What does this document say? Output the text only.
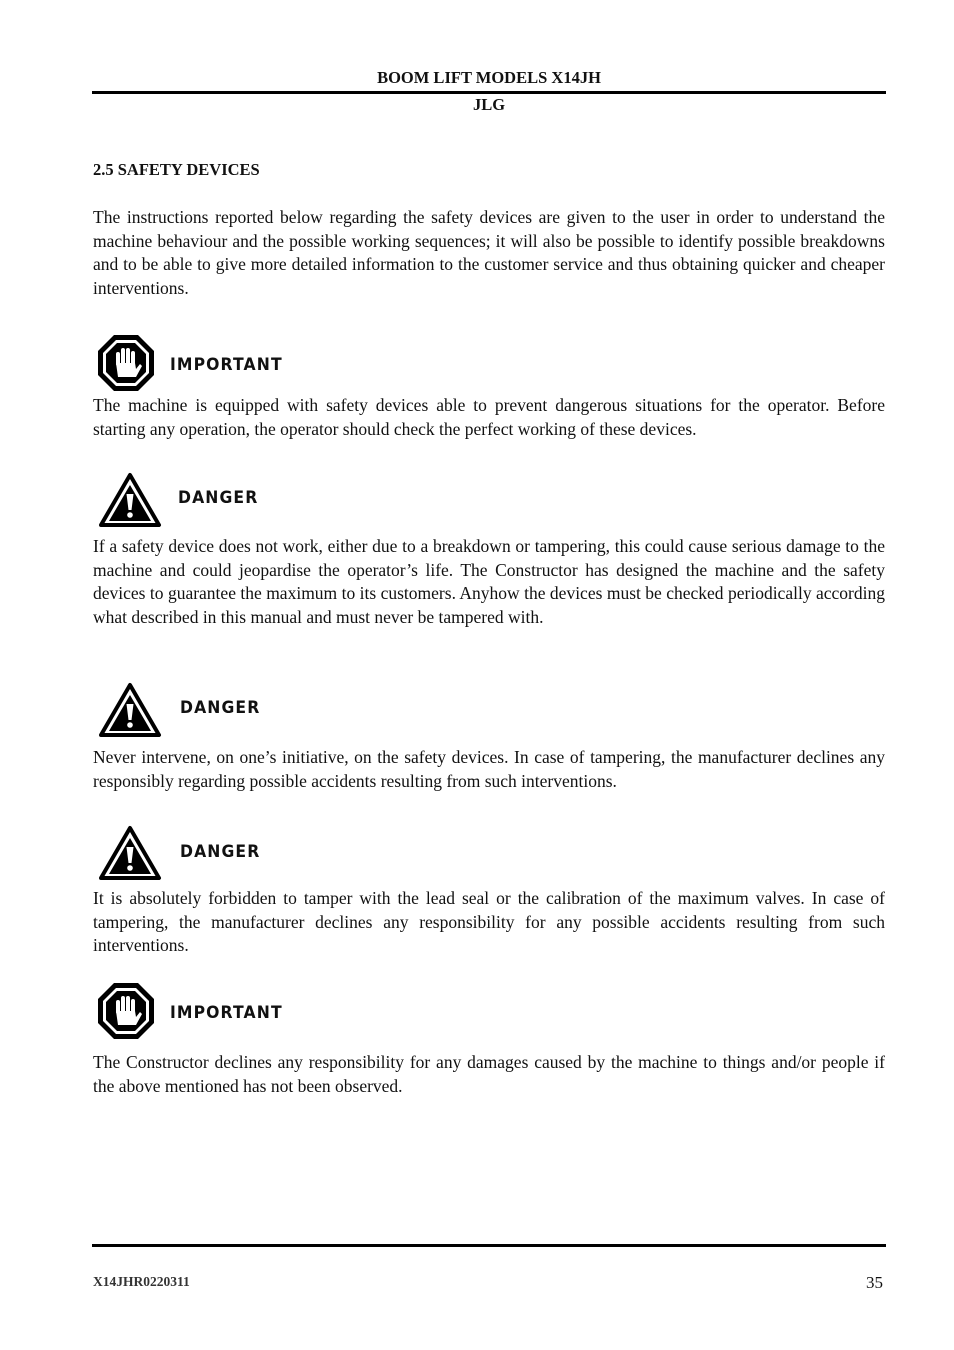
BOOM LIFT MODELS X14JH
JLG
2.5 SAFETY DEVICES
The instructions reported below regarding the safety devices are given to the user in order to understand the machine behaviour and the possible working sequences; it will also be possible to identify possible breakdowns and to be able to give more detailed information to the customer service and thus obtaining quicker and cheaper interventions.
IMPORTANT
The machine is equipped with safety devices able to prevent dangerous situations for the operator. Before starting any operation, the operator should check the perfect working of these devices.
DANGER
If a safety device does not work, either due to a breakdown or tampering, this could cause serious damage to the machine and could jeopardise the operator’s life. The Constructor has designed the machine and the safety devices to guarantee the maximum to its customers. Anyhow the devices must be checked periodically according what described in this manual and must never be tampered with.
DANGER
Never intervene, on one’s initiative, on the safety devices. In case of tampering, the manufacturer declines any responsibly regarding possible accidents resulting from such interventions.
DANGER
It is absolutely forbidden to tamper with the lead seal or the calibration of the maximum valves. In case of tampering, the manufacturer declines any responsibility for any possible accidents resulting from such interventions.
IMPORTANT
The Constructor declines any responsibility for any damages caused by the machine to things and/or people if the above mentioned has not been observed.
X14JHR0220311	35
